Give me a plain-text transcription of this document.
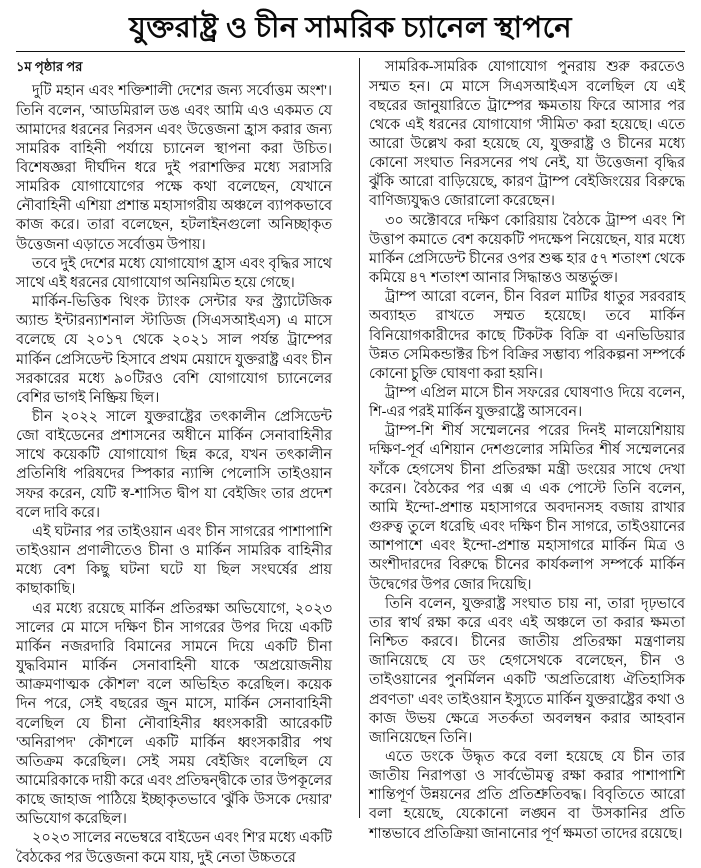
যুক্তরাষ্ট্র ও চীন সামরিক চ্যানেল স্থাপনে
১ম পৃষ্ঠার পর

দুটি মহান এবং শক্তিশালী দেশের জন্য সর্বোত্তম অংশ'। তিনি বলেন, 'আডমিরাল ডঙ এবং আমি এও একমত যে আমাদের ধরনের নিরসন এবং উত্তেজনা হ্রাস করার জন্য সামরিক বাহিনী পর্যায়ে চ্যানেল স্থাপনা করা উচিত। বিশেষজ্ঞরা দীর্ঘদিন ধরে দুই পরাশক্তির মধ্যে সরাসরি সামরিক যোগাযোগের পক্ষে কথা বলেছেন, যেখানে নৌবাহিনী এশিয়া প্রশান্ত মহাসাগরীয় অঞ্চলে ব্যাপকভাবে কাজ করে। তারা বলেছেন, হটলাইনগুলো অনিচ্ছাকৃত উত্তেজনা এড়াতে সর্বোত্তম উপায়।

তবে দুই দেশের মধ্যে যোগাযোগ হ্রাস এবং বৃদ্ধির সাথে সাথে এই ধরনের যোগাযোগ অনিয়মিত হয়ে গেছে।

মার্কিন-ভিত্তিক থিংক ট্যাংক সেন্টার ফর স্ট্র্যাটেজিক অ্যান্ড ইন্টারন্যাশনাল স্টাডিজ (সিএসআইএস) এ মাসে বলেছে যে ২০১৭ থেকে ২০২১ সাল পর্যন্ত ট্রাম্পের মার্কিন প্রেসিডেন্ট হিসাবে প্রথম মেয়াদে যুক্তরাষ্ট্র এবং চীন সরকারের মধ্যে ৯০টিরও বেশি যোগাযোগ চ্যানেলের বেশির ভাগই নিষ্ক্রিয় ছিল।

চীন ২০২২ সালে যুক্তরাষ্ট্রের তৎকালীন প্রেসিডেন্ট জো বাইডেনের প্রশাসনের অধীনে মার্কিন সেনাবাহিনীর সাথে কয়েকটি যোগাযোগ ছিন্ন করে, যখন তৎকালীন প্রতিনিধি পরিষদের স্পিকার ন্যান্সি পেলোসি তাইওয়ান সফর করেন, যেটি স্ব-শাসিত দ্বীপ যা বেইজিং তার প্রদেশ বলে দাবি করে।

এই ঘটনার পর তাইওয়ান এবং চীন সাগরের পাশাপাশি তাইওয়ান প্রণালীতেও চীনা ও মার্কিন সামরিক বাহিনীর মধ্যে বেশ কিছু ঘটনা ঘটে যা ছিল সংঘর্ষের প্রায় কাছাকাছি।

এর মধ্যে রয়েছে মার্কিন প্রতিরক্ষা অভিযোগে, ২০২৩ সালের মে মাসে দক্ষিণ চীন সাগরের উপর দিয়ে একটি মার্কিন নজরদারি বিমানের সামনে দিয়ে একটি চীনা যুদ্ধবিমান মার্কিন সেনাবাহিনী যাকে 'অপ্রয়োজনীয় আক্রমণাত্মক কৌশল' বলে অভিহিত করেছিল। কয়েক দিন পরে, সেই বছরের জুন মাসে, মার্কিন সেনাবাহিনী বলেছিল যে চীনা নৌবাহিনীর ধ্বংসকারী আরেকটি 'অনিরাপদ' কৌশলে একটি মার্কিন ধ্বংসকারীর পথ অতিক্রম করেছিল। সেই সময় বেইজিং বলেছিল যে আমেরিকাকে দায়ী করে এবং প্রতিদ্বন্দ্বীকে তার উপকূলের কাছে জাহাজ পাঠিয়ে ইচ্ছাকৃতভাবে 'ঝুঁকি উসকে দেয়ার' অভিযোগ করেছিল।

২০২৩ সালের নভেম্বরে বাইডেন এবং শি'র মধ্যে একটি বৈঠকের পর উত্তেজনা কমে যায়, দুই নেতা উচ্চতরে

সামরিক-সামরিক যোগাযোগ পুনরায় শুরু করতেও সম্মত হন। মে মাসে সিএসআইএস বলেছিল যে এই বছরের জানুয়ারিতে ট্রাম্পের ক্ষমতায় ফিরে আসার পর থেকে এই ধরনের যোগাযোগ 'সীমিত' করা হয়েছে। এতে আরো উল্লেখ করা হয়েছে যে, যুক্তরাষ্ট্র ও চীনের মধ্যে কোনো সংঘাত নিরসনের পথ নেই, যা উত্তেজনা বৃদ্ধির ঝুঁকি আরো বাড়িয়েছে, কারণ ট্রাম্প বেইজিংয়ের বিরুদ্ধে বাণিজ্যযুদ্ধও জোরালো করেছেন।

৩০ অক্টোবরে দক্ষিণ কোরিয়ায় বৈঠকে ট্রাম্প এবং শি উত্তাপ কমাতে বেশ কয়েকটি পদক্ষেপ নিয়েছেন, যার মধ্যে মার্কিন প্রেসিডেন্ট চীনের ওপর শুল্ক হার ৫৭ শতাংশ থেকে কমিয়ে ৪৭ শতাংশ আনার সিদ্ধান্তও অন্তর্ভুক্ত।

ট্রাম্প আরো বলেন, চীন বিরল মাটির ধাতুর সরবরাহ অব্যাহত রাখতে সম্মত হয়েছে। তবে মার্কিন বিনিয়োগকারীদের কাছে টিকটক বিক্রি বা এনভিডিয়ার উন্নত সেমিকন্ডাক্টর চিপ বিক্রির সম্ভাব্য পরিকল্পনা সম্পর্কে কোনো চুক্তি ঘোষণা করা হয়নি।

ট্রাম্প এপ্রিল মাসে চীন সফরের ঘোষণাও দিয়ে বলেন, শি-এর পরই মার্কিন যুক্তরাষ্ট্রে আসবেন।

ট্রাম্প-শি শীর্ষ সম্মেলনের পরের দিনই মালয়েশিয়ায় দক্ষিণ-পূর্ব এশিয়ান দেশগুলোর সমিতির শীর্ষ সম্মেলনের ফাঁকে হেগসেথ চীনা প্রতিরক্ষা মন্ত্রী ডংয়ের সাথে দেখা করেন। বৈঠকের পর এক্স এ এক পোস্টে তিনি বলেন, আমি ইন্দো-প্রশান্ত মহাসাগরে অবদানসহ বজায় রাখার গুরুত্ব তুলে ধরেছি এবং দক্ষিণ চীন সাগরে, তাইওয়ানের আশপাশে এবং ইন্দো-প্রশান্ত মহাসাগরে মার্কিন মিত্র ও অংশীদারদের বিরুদ্ধে চীনের কার্যকলাপ সম্পর্কে মার্কিন উদ্বেগের উপর জোর দিয়েছি।

তিনি বলেন, যুক্তরাষ্ট্র সংঘাত চায় না, তারা দৃঢ়ভাবে তার স্বার্থ রক্ষা করে এবং এই অঞ্চলে তা করার ক্ষমতা নিশ্চিত করবে। চীনের জাতীয় প্রতিরক্ষা মন্ত্রণালয় জানিয়েছে যে ডং হেগসেথকে বলেছেন, চীন ও তাইওয়ানের পুনর্মিলন একটি 'অপ্রতিরোধ্য ঐতিহাসিক প্রবণতা' এবং তাইওয়ান ইস্যুতে মার্কিন যুক্তরাষ্ট্রের কথা ও কাজ উভয় ক্ষেত্রে সতর্কতা অবলম্বন করার আহবান জানিয়েছেন তিনি।

এতে ডংকে উদ্ধৃত করে বলা হয়েছে যে চীন তার জাতীয় নিরাপত্তা ও সার্বভৌমত্ব রক্ষা করার পাশাপাশি শান্তিপূর্ণ উন্নয়নের প্রতি প্রতিশ্রুতিবদ্ধ। বিবৃতিতে আরো বলা হয়েছে, যেকোনো লঙ্ঘন বা উসকানির প্রতি শান্তভাবে প্রতিক্রিয়া জানানোর পূর্ণ ক্ষমতা তাদের রয়েছে।
